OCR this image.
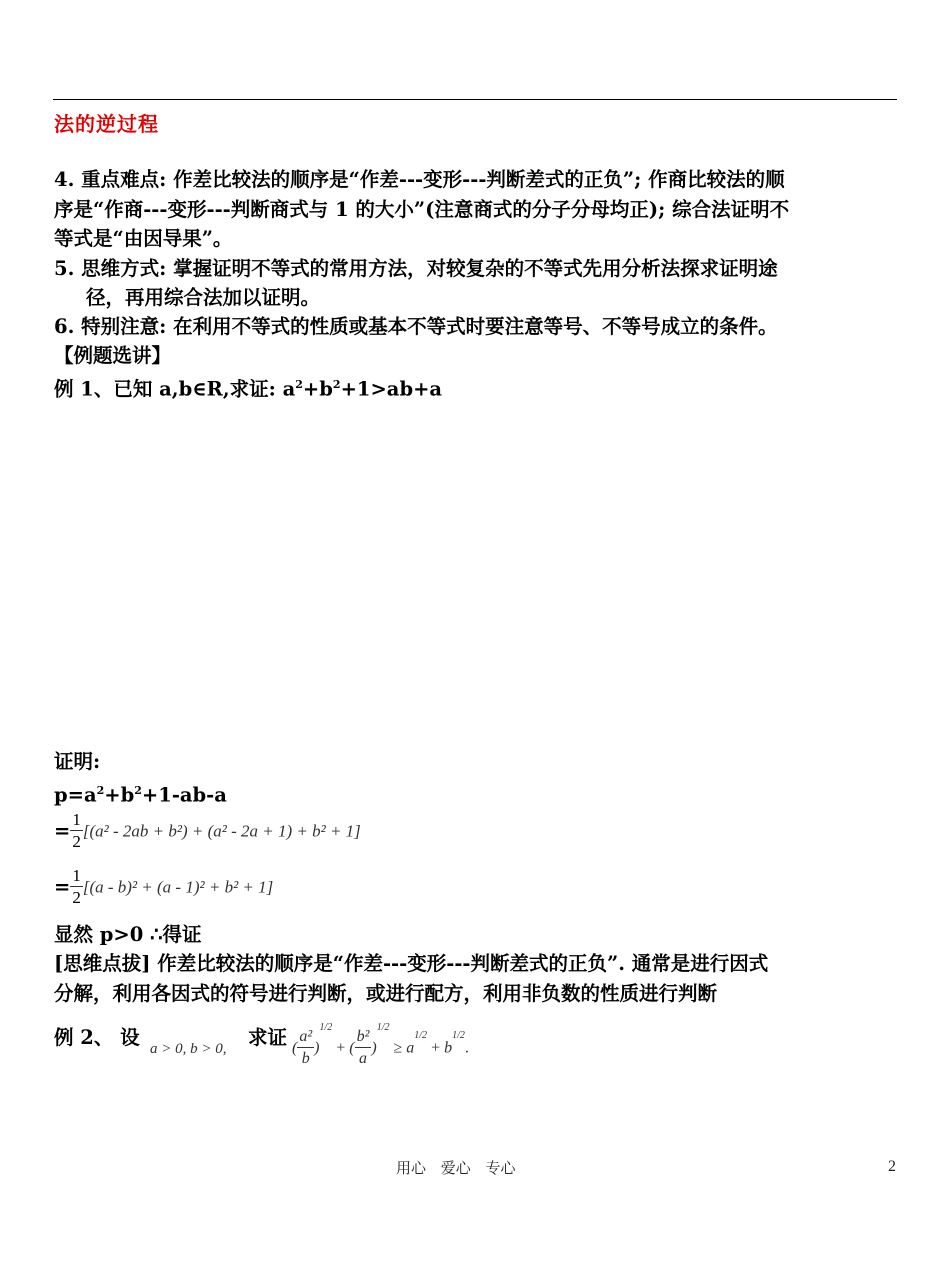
法的逆过程
4. 重点难点: 作差比较法的顺序是“作差---变形---判断差式的正负”; 作商比较法的顺
序是“作商---变形---判断商式与 1 的大小”(注意商式的分子分母均正); 综合法证明不
等式是“由因导果”。
5. 思维方式: 掌握证明不等式的常用方法，对较复杂的不等式先用分析法探求证明途
径，再用综合法加以证明。
6. 特别注意: 在利用不等式的性质或基本不等式时要注意等号、不等号成立的条件。
【例题选讲】
例 1、已知 a,b∈R,求证: $a^2+b^2+1>ab+a$
证明:
$p=a^2+b^2+1-ab-a$
= $\frac{1}{2} [(a^2 - 2ab + b^2) + (a^2 - 2a + 1) + b^2 + 1]$
= $\frac{1}{2} [(a - b)^2 + (a - 1)^2 + b^2 + 1]$
显然 p>0 ∴得证
[思维点拔] 作差比较法的顺序是“作差---变形---判断差式的正负”. 通常是进行因式
分解，利用各因式的符号进行判断，或进行配方，利用非负数的性质进行判断
例 2、 设 a > 0, b > 0, 求证 ( $\frac{\text{a²}}{b} )^{1/2}$ + ( $\frac{\text{b²}}{a} )^{1/2} \ge a^{1/2} + b^{1/2}$.
用心 爱心 专心	2
